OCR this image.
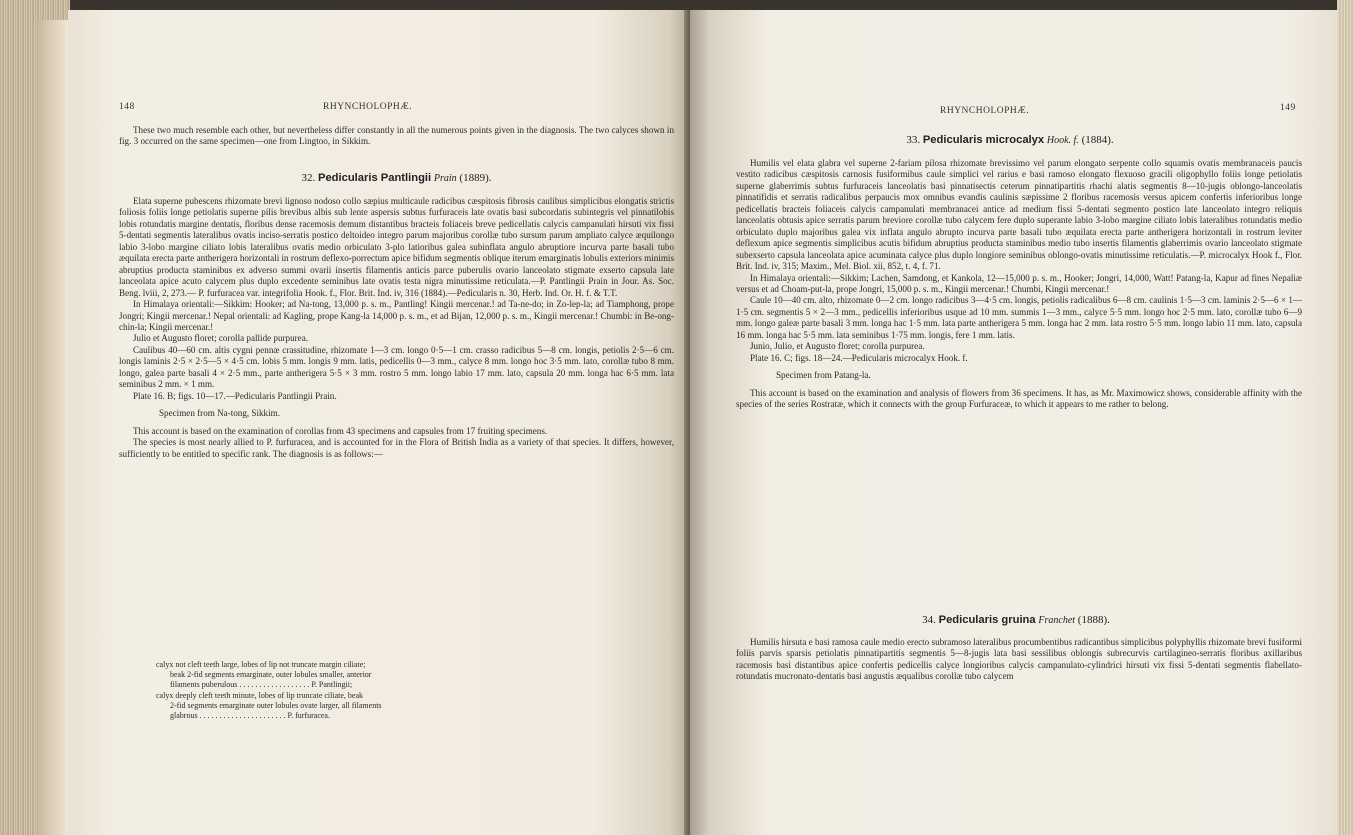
148	RHYNCHOLOPHÆ.

These two much resemble each other, but nevertheless differ constantly in all the numerous points given in the diagnosis. The two calyces shown in fig. 3 occurred on the same specimen—one from Lingtoo, in Sikkim.

32. Pedicularis Pantlingii Prain (1889).

Elata superne pubescens rhizomate brevi lignoso nodoso collo sæpius multicaule radicibus cæspitosis fibrosis caulibus simplicibus elongatis strictis foliosis foliis longe petiolatis superne pilis brevibus albis sub lente aspersis subtus furfuraceis late ovatis basi subcordatis subintegris vel pinnatilobis lobis rotundatis margine dentatis, floribus dense racemosis demum distantibus bracteis foliaceis breve pedicellatis calycis campanulati hirsuti vix fissi 5-dentati segmentis lateralibus ovatis inciso-serratis postico deltoideo integro parum majoribus corollæ tubo sursum parum ampliato calyce æquilongo labio 3-lobo margine ciliato lobis lateralibus ovatis medio orbiculato 3-plo latioribus galea subinflata angulo abruptiore incurva parte basali tubo æquilata erecta parte antherigera horizontali in rostrum deflexo-porrectum apice bifidum segmentis oblique iterum emarginatis lobulis exteriors minimis abruptius producta staminibus ex adverso summi ovarii insertis filamentis anticis parce puberulis ovario lanceolato stigmate exserto capsula late lanceolata apice acuto calycem plus duplo excedente seminibus late ovatis testa nigra minutissime reticulata.—P. Pantlingii Prain in Jour. As. Soc. Beng. lviii, 2, 273.— P. furfuracea var. integrifolia Hook. f., Flor. Brit. Ind. iv, 316 (1884).—Pedicularis n. 30, Herb. Ind. Or. H. f. & T.T.

In Himalaya orientali:—Sikkim: Hooker; ad Na-tong, 13,000 p. s. m., Pantling! Kingii mercenar.! ad Ta-ne-do; in Zo-lep-la; ad Tiamphong, prope Jongri; Kingii mercenar.! Nepal orientali: ad Kagling, prope Kang-la 14,000 p. s. m., et ad Bijan, 12,000 p. s. m., Kingii mercenar.! Chumbi: in Be-ong-chin-la; Kingii mercenar.!

Julio et Augusto floret; corolla pallide purpurea.

Caulibus 40—60 cm. altis cygni pennæ crassitudine, rhizomate 1—3 cm. longo 0·5—1 cm. crasso radicibus 5—8 cm. longis, petiolis 2·5—6 cm. longis laminis 2·5 × 2·5—5 × 4·5 cm. lobis 5 mm. longis 9 mm. latis, pedicellis 0—3 mm., calyce 8 mm. longo hoc 3·5 mm. lato, corollæ tubo 8 mm. longo, galea parte basali 4 × 2·5 mm., parte antherigera 5·5 × 3 mm. rostro 5 mm. longo labio 17 mm. lato, capsula 20 mm. longa hac 6·5 mm. lata seminibus 2 mm. × 1 mm.

Plate 16. B; figs. 10—17.—Pedicularis Pantlingii Prain.

Specimen from Na-tong, Sikkim.

This account is based on the examination of corollas from 43 specimens and capsules from 17 fruiting specimens.

The species is most nearly allied to P. furfuracea, and is accounted for in the Flora of British India as a variety of that species. It differs, however, sufficiently to be entitled to specific rank. The diagnosis is as follows:—

calyx not cleft teeth large, lobes of lip not truncate margin ciliate;
beak 2-fid segments emarginate, outer lobules smaller, anterior
filaments puberulous . . . . . . . . . . . . . . . . . . P. Pantlingii;
calyx deeply cleft teeth minute, lobes of lip truncate ciliate, beak
2-fid segments emarginate outer lobules ovate larger, all filaments
glabrous . . . . . . . . . . . . . . . . . . . . . . P. furfuracea.
RHYNCHOLOPHÆ.	149
33. Pedicularis microcalyx Hook. f. (1884).

Humilis vel elata glabra vel superne 2-fariam pilosa rhizomate brevissimo vel parum elongato serpente collo squamis ovatis membranaceis paucis vestito radicibus cæspitosis carnosis fusiformibus caule simplici vel rarius e basi ramoso elongato flexuoso gracili oligophyllo foliis longe petiolatis superne glaberrimis subtus furfuraceis lanceolatis basi pinnatisectis ceterum pinnatipartitis rhachi alatis segmentis 8—10-jugis oblongo-lanceolatis pinnatifidis et serratis radicalibus perpaucis mox omnibus evandis caulinis sæpissime 2 floribus racemosis versus apicem confertis inferioribus longe pedicellatis bracteis foliaceis calycis campanulati membranacei antice ad medium fissi 5-dentati segmento postico late lanceolato integro reliquis lanceolatis obtusis apice serratis parum breviore corollæ tubo calycem fere duplo superante labio 3-lobo margine ciliato lobis lateralibus rotundatis medio orbiculato duplo majoribus galea vix inflata angulo abrupto incurva parte basali tubo æquilata erecta parte antherigera horizontali in rostrum leviter deflexum apice segmentis simplicibus acutis bifidum abruptius producta staminibus medio tubo insertis filamentis glaberrimis ovario lanceolato stigmate subexserto capsula lanceolata apice acuminata calyce plus duplo longiore seminibus oblongo-ovatis minutissime reticulatis.—P. microcalyx Hook f., Flor. Brit. Ind. iv, 315; Maxim., Mel. Biol. xii, 852, t. 4, f. 71.

In Himalaya orientali:—Sikkim; Lachen, Samdong, et Kankola, 12—15,000 p. s. m., Hooker; Jongri, 14,000, Watt! Patang-la, Kapur ad fines Nepaliæ versus et ad Choam-put-la, prope Jongri, 15,000 p. s. m., Kingii mercenar.! Chumbi, Kingii mercenar.!

Caule 10—40 cm. alto, rhizomate 0—2 cm. longo radicibus 3—4·5 cm. longis, petiolis radicalibus 6—8 cm. caulinis 1·5—3 cm. laminis 2·5—6 × 1—1·5 cm. segmentis 5 × 2—3 mm., pedicellis inferioribus usque ad 10 mm. summis 1—3 mm., calyce 5·5 mm. longo hoc 2·5 mm. lato, corollæ tubo 6—9 mm. longo galeæ parte basali 3 mm. longa hac 1·5 mm. lata parte antherigera 5 mm. longa hac 2 mm. lata rostro 5·5 mm. longo labio 11 mm. lato, capsula 16 mm. longa hac 5·5 mm. lata seminibus 1·75 mm. longis, fere 1 mm. latis.

Junio, Julio, et Augusto floret; corolla purpurea.

Plate 16. C; figs. 18—24.—Pedicularis microcalyx Hook. f.

Specimen from Patang-la.

This account is based on the examination and analysis of flowers from 36 specimens. It has, as Mr. Maximowicz shows, considerable affinity with the species of the series Rostratæ, which it connects with the group Furfuraceæ, to which it appears to me rather to belong.

34. Pedicularis gruina Franchet (1888).

Humilis hirsuta e basi ramosa caule medio erecto subramoso lateralibus procumbentibus radicantibus simplicibus polyphyllis rhizomate brevi fusiformi foliis parvis sparsis petiolatis pinnatipartitis segmentis 5—8-jugis lata basi sessilibus oblongis subrecurvis cartilagineo-serratis floribus axillaribus racemosis basi distantibus apice confertis pedicellis calyce longioribus calycis campanulato-cylindrici hirsuti vix fissi 5-dentati segmentis flabellato-rotundatis mucronato-dentatis basi angustis æqualibus corollæ tubo calycem
